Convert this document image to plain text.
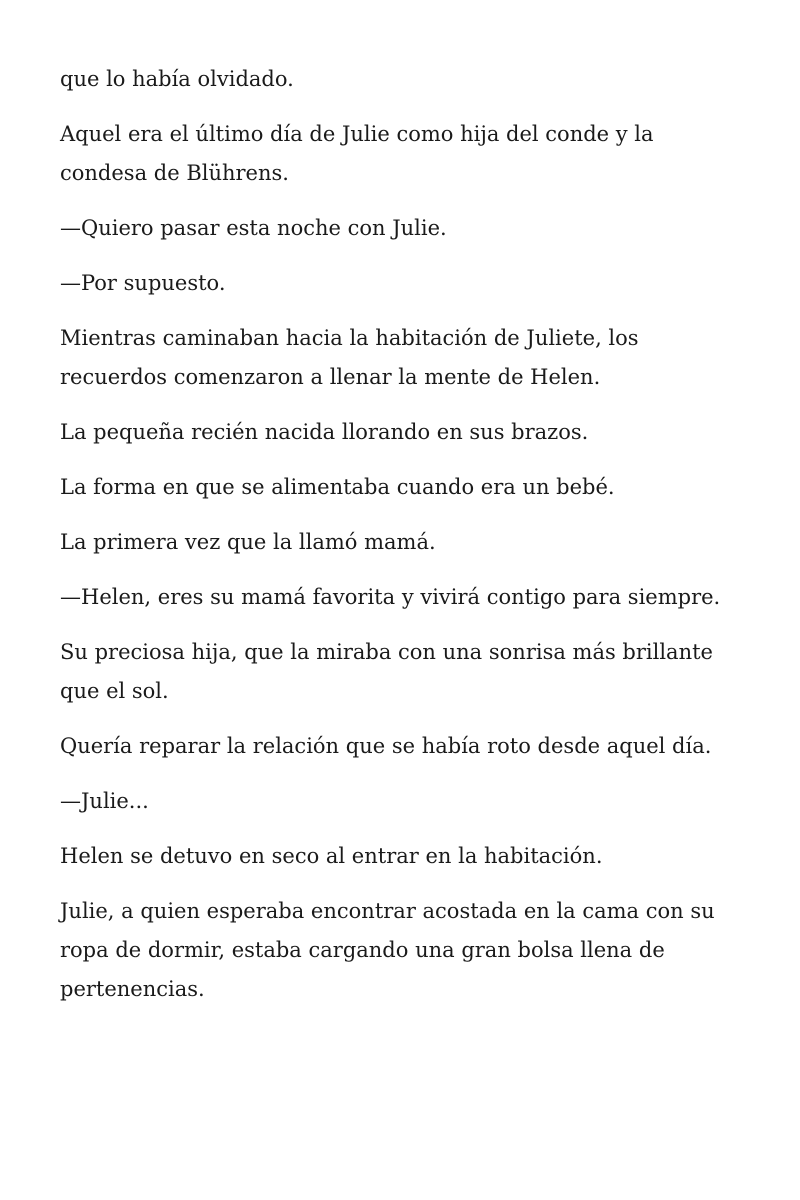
que lo había olvidado.

Aquel era el último día de Julie como hija del conde y la condesa de Blührens.

—Quiero pasar esta noche con Julie.

—Por supuesto.

Mientras caminaban hacia la habitación de Juliete, los recuerdos comenzaron a llenar la mente de Helen.

La pequeña recién nacida llorando en sus brazos.

La forma en que se alimentaba cuando era un bebé.

La primera vez que la llamó mamá.

—Helen, eres su mamá favorita y vivirá contigo para siempre.

Su preciosa hija, que la miraba con una sonrisa más brillante que el sol.

Quería reparar la relación que se había roto desde aquel día.

—Julie...

Helen se detuvo en seco al entrar en la habitación.

Julie, a quien esperaba encontrar acostada en la cama con su ropa de dormir, estaba cargando una gran bolsa llena de pertenencias.
